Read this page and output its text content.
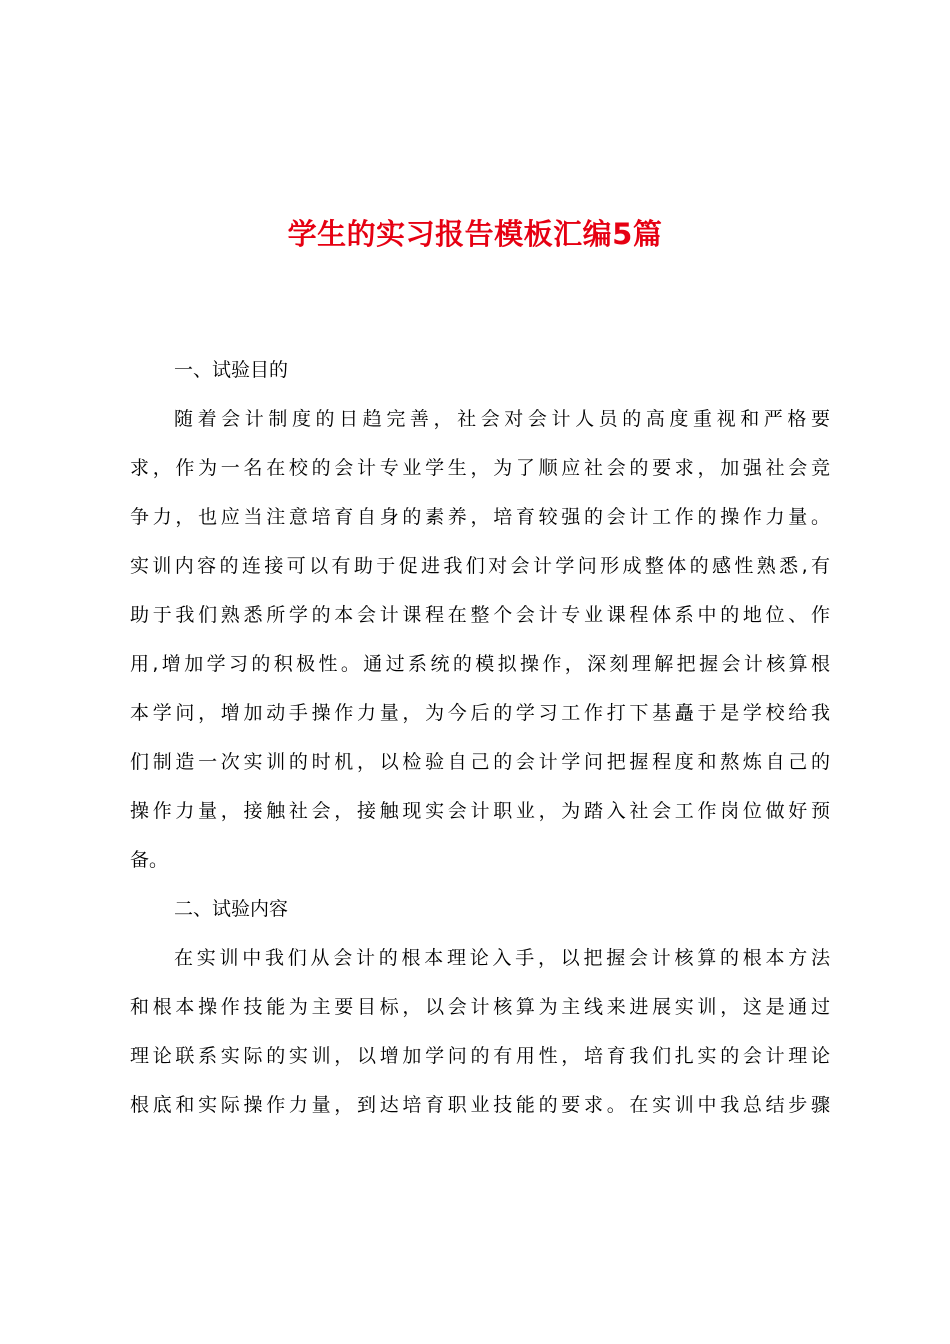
学生的实习报告模板汇编5篇
一、试验目的
随着会计制度的日趋完善，社会对会计人员的高度重视和严格要
求，作为一名在校的会计专业学生，为了顺应社会的要求，加强社会竞
争力，也应当注意培育自身的素养，培育较强的会计工作的操作力量。
实训内容的连接可以有助于促进我们对会计学问形成整体的感性熟悉,有
助于我们熟悉所学的本会计课程在整个会计专业课程体系中的地位、作
用,增加学习的积极性。通过系统的模拟操作，深刻理解把握会计核算根
本学问，增加动手操作力量，为今后的学习工作打下基矗于是学校给我
们制造一次实训的时机，以检验自己的会计学问把握程度和熬炼自己的
操作力量，接触社会，接触现实会计职业，为踏入社会工作岗位做好预
备。
二、试验内容
在实训中我们从会计的根本理论入手，以把握会计核算的根本方法
和根本操作技能为主要目标，以会计核算为主线来进展实训，这是通过
理论联系实际的实训，以增加学问的有用性，培育我们扎实的会计理论
根底和实际操作力量，到达培育职业技能的要求。在实训中我总结步骤
